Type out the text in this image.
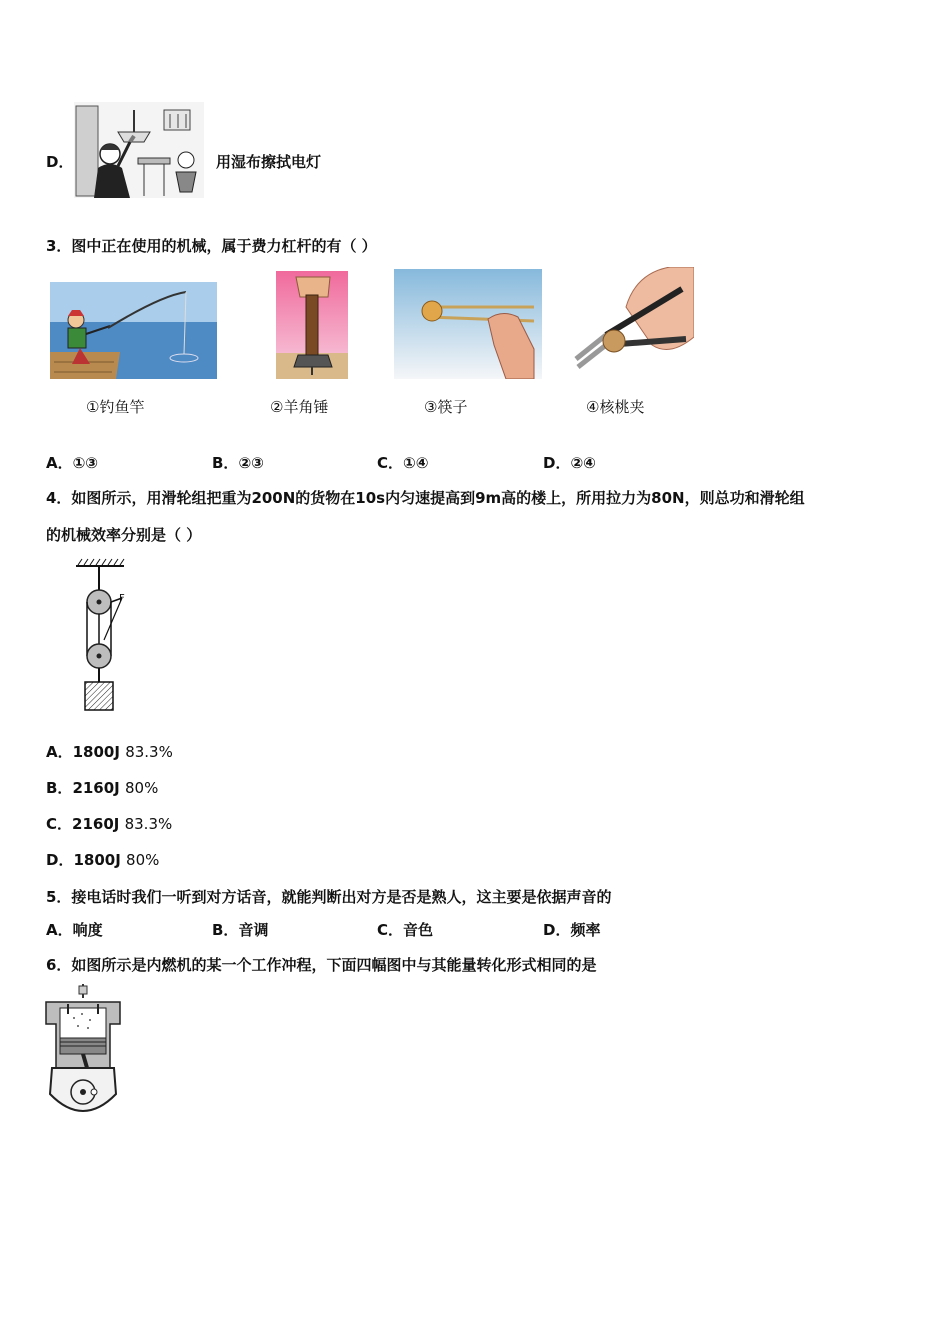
D．	用湿布擦拭电灯
3．图中正在使用的机械，属于费力杠杆的有（ ）
①钓鱼竿	②羊角锤	③筷子	④核桃夹
A．①③	B．②③	C．①④	D．②④
4．如图所示，用滑轮组把重为200N的货物在10s内匀速提高到9m高的楼上，所用拉力为80N，则总功和滑轮组
的机械效率分别是（ ）
F
A．1800J 83.3%
B．2160J 80%
C．2160J 83.3%
D．1800J 80%
5．接电话时我们一听到对方话音，就能判断出对方是否是熟人，这主要是依据声音的
A．响度	B．音调	C．音色	D．频率
6．如图所示是内燃机的某一个工作冲程，下面四幅图中与其能量转化形式相同的是
